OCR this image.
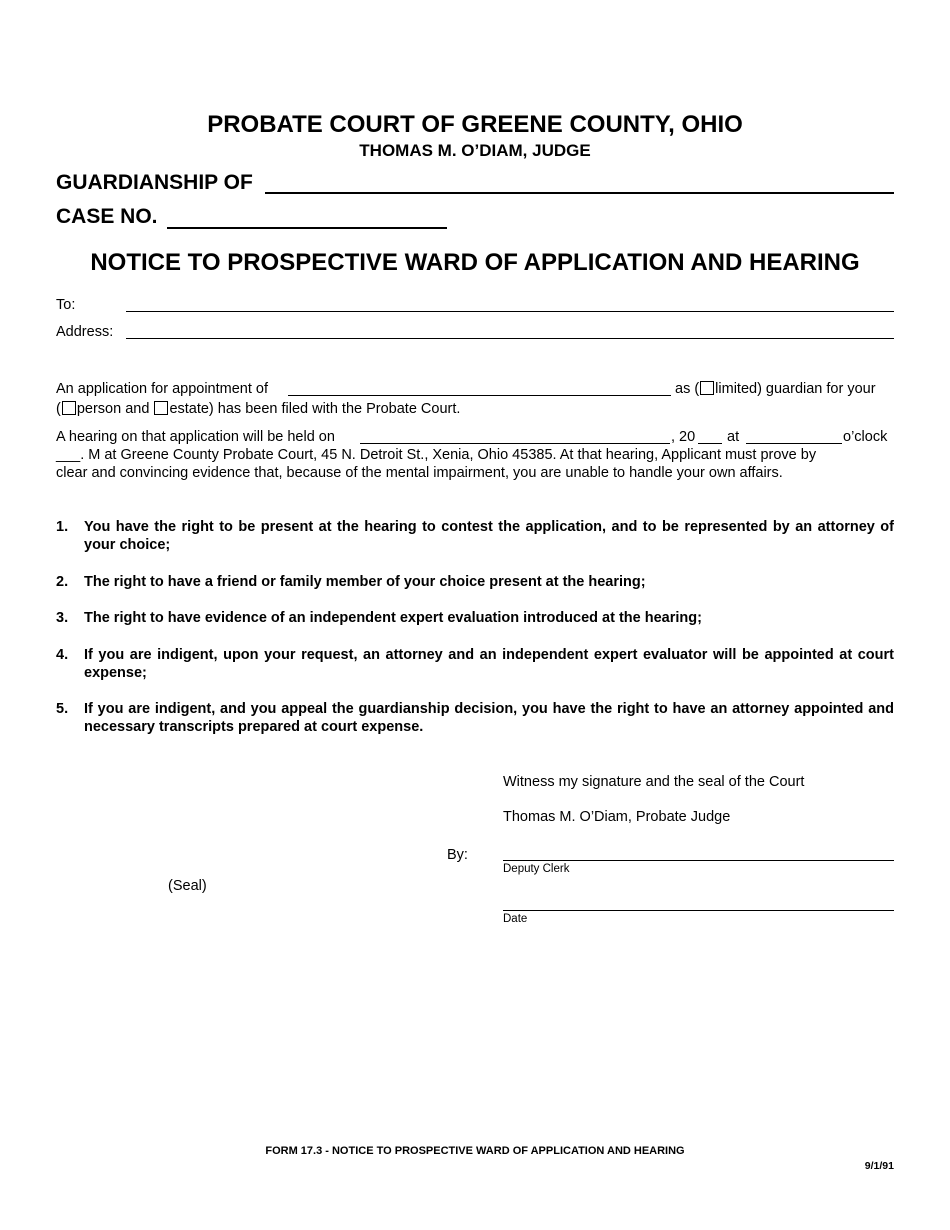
PROBATE COURT OF GREENE COUNTY, OHIO
THOMAS M. O’DIAM, JUDGE
GUARDIANSHIP OF
CASE NO.
NOTICE TO PROSPECTIVE WARD OF APPLICATION AND HEARING
To:
Address:
An application for appointment of	as ( limited) guardian for your
( person and estate) has been filed with the Probate Court.
A hearing on that application will be held on	, 20 at	o’clock
___. M at Greene County Probate Court, 45 N. Detroit St., Xenia, Ohio 45385. At that hearing, Applicant must prove by
clear and convincing evidence that, because of the mental impairment, you are unable to handle your own affairs.
1. You have the right to be present at the hearing to contest the application, and to be represented by an attorney of your choice;
2. The right to have a friend or family member of your choice present at the hearing;
3. The right to have evidence of an independent expert evaluation introduced at the hearing;
4. If you are indigent, upon your request, an attorney and an independent expert evaluator will be appointed at court expense;
5. If you are indigent, and you appeal the guardianship decision, you have the right to have an attorney appointed and necessary transcripts prepared at court expense.
Witness my signature and the seal of the Court
Thomas M. O’Diam, Probate Judge
By:
Deputy Clerk
(Seal)
Date
FORM 17.3 - NOTICE TO PROSPECTIVE WARD OF APPLICATION AND HEARING
9/1/91
